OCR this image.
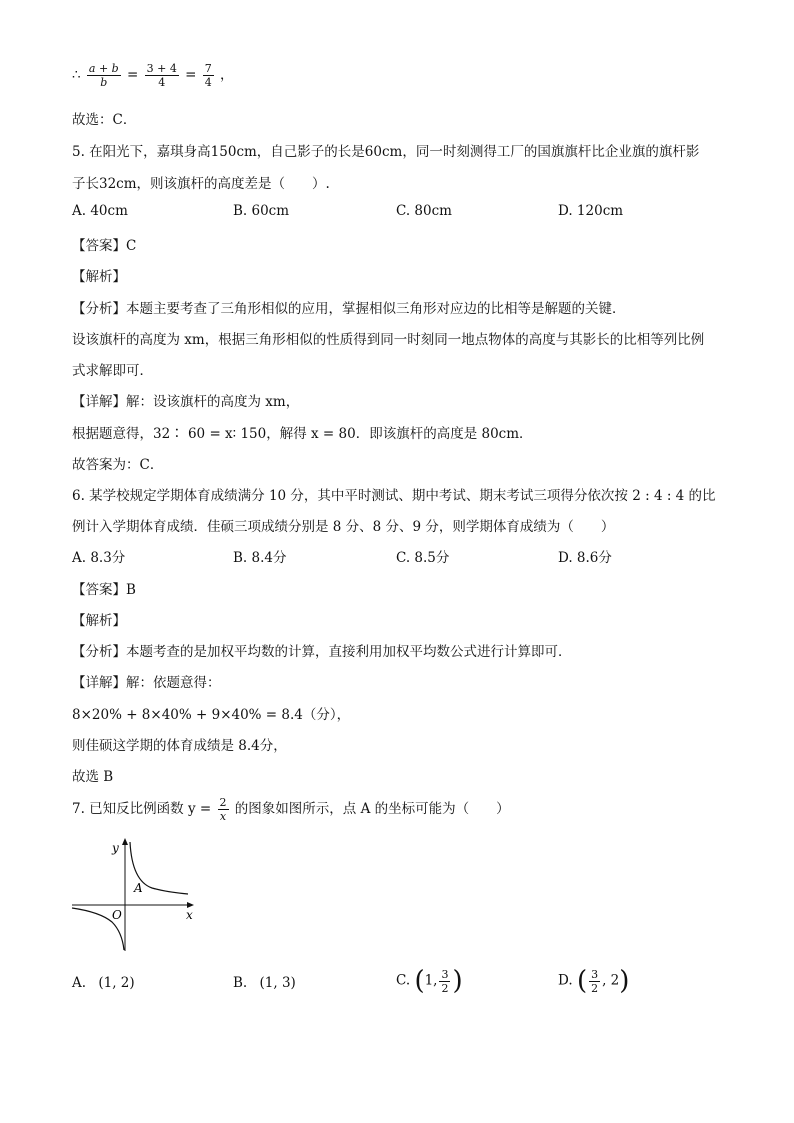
∴ $\frac{a + b}{b} = \frac{3 + 4}{4} = \frac{7}{4}$ ，
故选：C．
5. 在阳光下，嘉琪身高150cm，自己影子的长是60cm，同一时刻测得工厂的国旗旗杆比企业旗的旗杆影
子长32cm，则该旗杆的高度差是（　　）.
A. 40cm	B. 60cm	C. 80cm	D. 120cm
【答案】C
【解析】
【分析】本题主要考查了三角形相似的应用，掌握相似三角形对应边的比相等是解题的关键．
设该旗杆的高度为 xm，根据三角形相似的性质得到同一时刻同一地点物体的高度与其影长的比相等列比例
式求解即可．
【详解】解：设该旗杆的高度为 xm，
根据题意得，32∶ 60 = x∶ 150，解得 x = 80．即该旗杆的高度是 80cm．
故答案为：C．
6. 某学校规定学期体育成绩满分 10 分，其中平时测试、期中考试、期末考试三项得分依次按 2 : 4 : 4 的比
例计入学期体育成绩．佳硕三项成绩分别是 8 分、8 分、9 分，则学期体育成绩为（　　）
A. 8.3分	B. 8.4分	C. 8.5分	D. 8.6分
【答案】B
【解析】
【分析】本题考查的是加权平均数的计算，直接利用加权平均数公式进行计算即可．
【详解】解：依题意得：
8×20% + 8×40% + 9×40% = 8.4（分），
则佳硕这学期的体育成绩是 8.4分，
故选 B
7. 已知反比例函数 $y = \frac{2}{x}$ 的图象如图所示，点 A 的坐标可能为（　　）
y
x
O
A
A. (1, 2)	B. (1, 3)	C. (1, $\frac{3}{2}$ )	D. ( $\frac{3}{2}$ , 2)
